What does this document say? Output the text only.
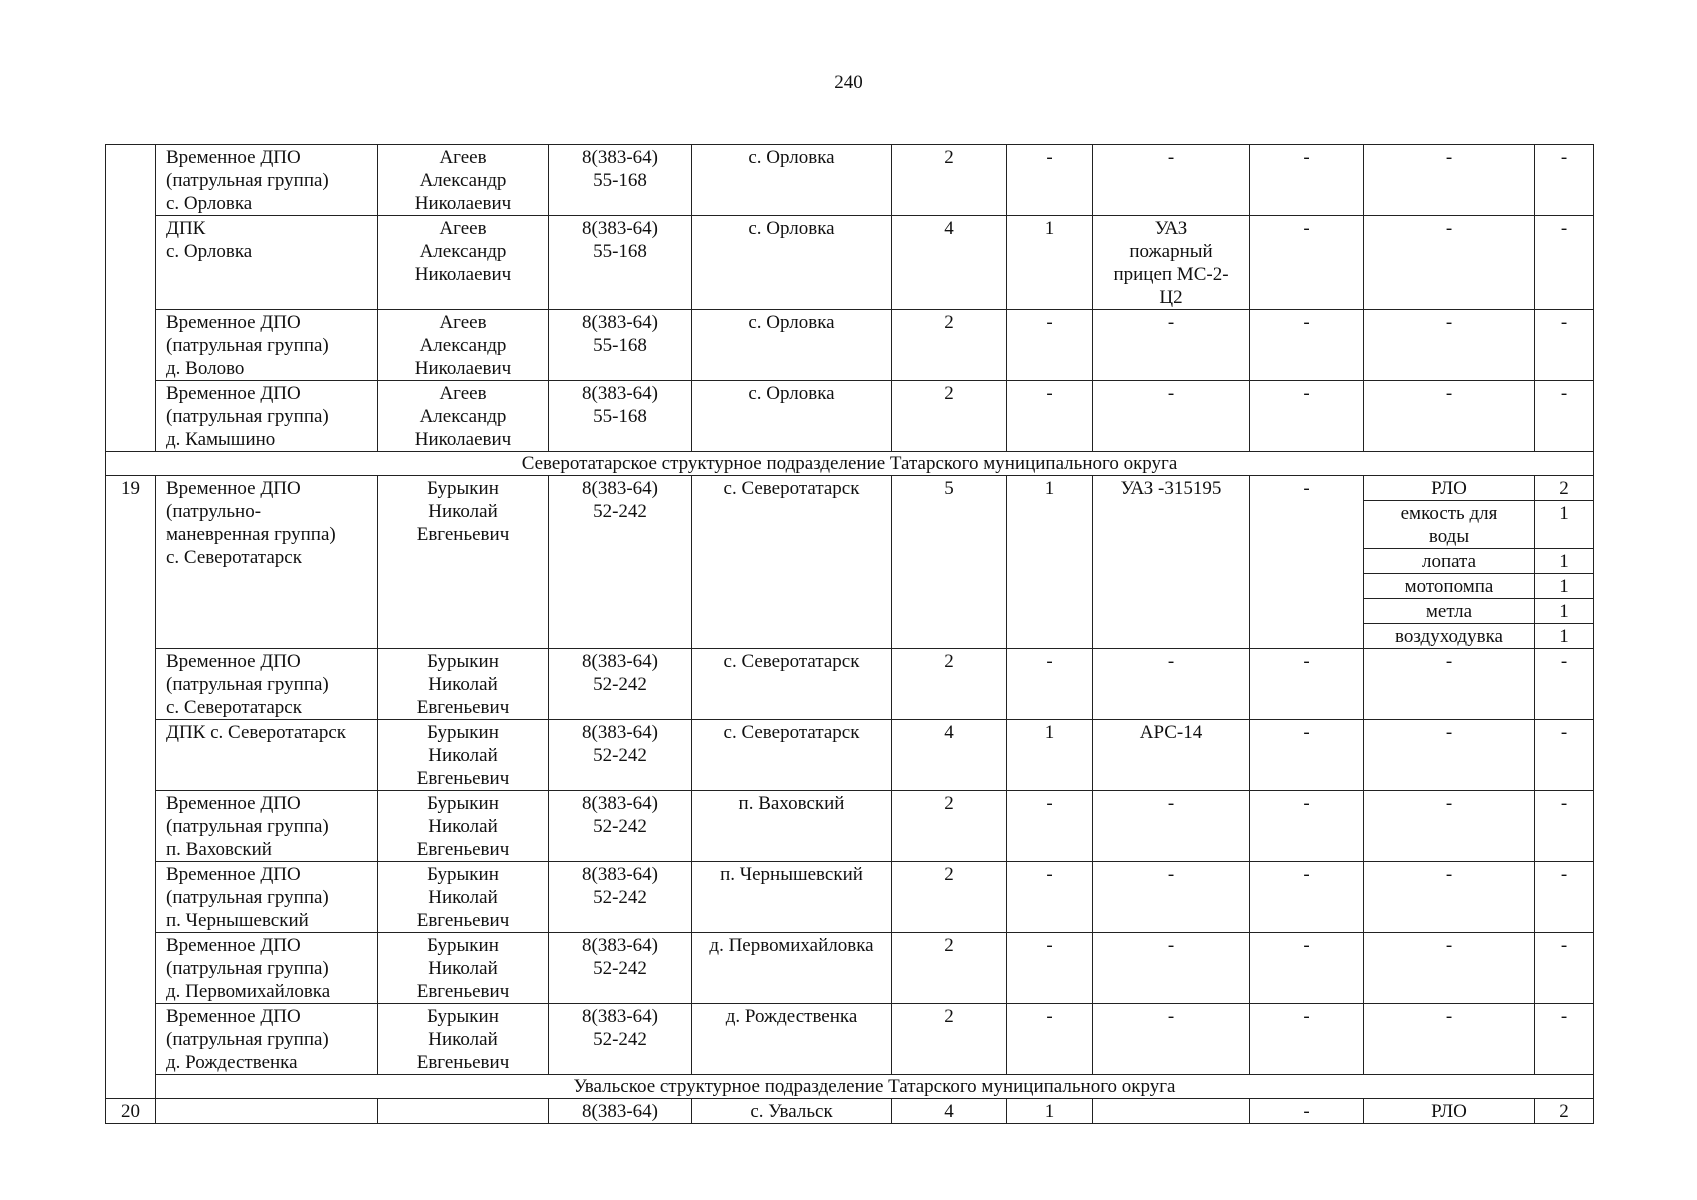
240
	Временное ДПО
(патрульная группа)
с. Орловка	Агеев
Александр
Николаевич	8(383-64)
55-168	с. Орловка	2	-	-	-	-	-
	ДПК
с. Орловка	Агеев
Александр
Николаевич	8(383-64)
55-168	с. Орловка	4	1	УАЗ
пожарный
прицеп МС-2-
Ц2	-	-	-
	Временное ДПО
(патрульная группа)
д. Волово	Агеев
Александр
Николаевич	8(383-64)
55-168	с. Орловка	2	-	-	-	-	-
	Временное ДПО
(патрульная группа)
д. Камышино	Агеев
Александр
Николаевич	8(383-64)
55-168	с. Орловка	2	-	-	-	-	-
Северотатарское структурное подразделение Татарского муниципального округа										
19	Временное ДПО
(патрульно-
маневренная группа)
с. Северотатарск	Бурыкин
Николай
Евгеньевич	8(383-64)
52-242	с. Северотатарск	5	1	УАЗ -315195	-	РЛО	2
									емкость для
воды	1
									лопата	1
									мотопомпа	1
									метла	1
									воздуходувка	1
	Временное ДПО
(патрульная группа)
с. Северотатарск	Бурыкин
Николай
Евгеньевич	8(383-64)
52-242	с. Северотатарск	2	-	-	-	-	-
	ДПК с. Северотатарск	Бурыкин
Николай
Евгеньевич	8(383-64)
52-242	с. Северотатарск	4	1	АРС-14	-	-	-
	Временное ДПО
(патрульная группа)
п. Ваховский	Бурыкин
Николай
Евгеньевич	8(383-64)
52-242	п. Ваховский	2	-	-	-	-	-
	Временное ДПО
(патрульная группа)
п. Чернышевский	Бурыкин
Николай
Евгеньевич	8(383-64)
52-242	п. Чернышевский	2	-	-	-	-	-
	Временное ДПО
(патрульная группа)
д. Первомихайловка	Бурыкин
Николай
Евгеньевич	8(383-64)
52-242	д. Первомихайловка	2	-	-	-	-	-
	Временное ДПО
(патрульная группа)
д. Рождественка	Бурыкин
Николай
Евгеньевич	8(383-64)
52-242	д. Рождественка	2	-	-	-	-	-
	Увальское структурное подразделение Татарского муниципального округа									
20			8(383-64)	с. Увальск	4	1		-	РЛО	2
